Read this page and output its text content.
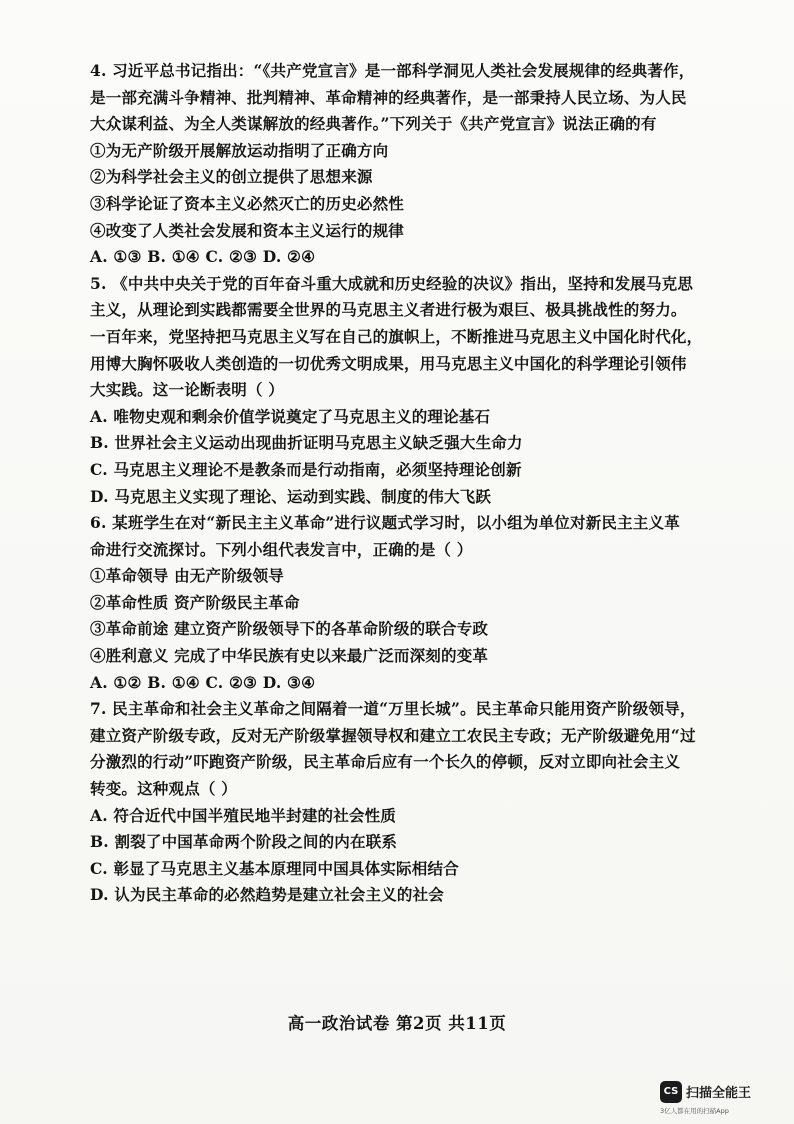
4. 习近平总书记指出：“《共产党宣言》是一部科学洞见人类社会发展规律的经典著作，
是一部充满斗争精神、批判精神、革命精神的经典著作，是一部秉持人民立场、为人民
大众谋利益、为全人类谋解放的经典著作。”下列关于《共产党宣言》说法正确的有
①为无产阶级开展解放运动指明了正确方向
②为科学社会主义的创立提供了思想来源
③科学论证了资本主义必然灭亡的历史必然性
④改变了人类社会发展和资本主义运行的规律
A. ①③ B. ①④ C. ②③ D. ②④
5. 《中共中央关于党的百年奋斗重大成就和历史经验的决议》指出，坚持和发展马克思
主义，从理论到实践都需要全世界的马克思主义者进行极为艰巨、极具挑战性的努力。
一百年来，党坚持把马克思主义写在自己的旗帜上，不断推进马克思主义中国化时代化，
用博大胸怀吸收人类创造的一切优秀文明成果，用马克思主义中国化的科学理论引领伟
大实践。这一论断表明（ ）
A. 唯物史观和剩余价值学说奠定了马克思主义的理论基石
B. 世界社会主义运动出现曲折证明马克思主义缺乏强大生命力
C. 马克思主义理论不是教条而是行动指南，必须坚持理论创新
D. 马克思主义实现了理论、运动到实践、制度的伟大飞跃
6. 某班学生在对“新民主主义革命”进行议题式学习时，以小组为单位对新民主主义革
命进行交流探讨。下列小组代表发言中，正确的是（ ）
①革命领导 由无产阶级领导
②革命性质 资产阶级民主革命
③革命前途 建立资产阶级领导下的各革命阶级的联合专政
④胜利意义 完成了中华民族有史以来最广泛而深刻的变革
A. ①② B. ①④ C. ②③ D. ③④
7. 民主革命和社会主义革命之间隔着一道“万里长城”。民主革命只能用资产阶级领导，
建立资产阶级专政，反对无产阶级掌握领导权和建立工农民主专政；无产阶级避免用“过
分激烈的行动”吓跑资产阶级，民主革命后应有一个长久的停顿，反对立即向社会主义
转变。这种观点（ ）
A. 符合近代中国半殖民地半封建的社会性质
B. 割裂了中国革命两个阶段之间的内在联系
C. 彰显了马克思主义基本原理同中国具体实际相结合
D. 认为民主革命的必然趋势是建立社会主义的社会
高一政治试卷 第2页 共11页
CS 扫描全能王
3亿人都在用的扫描App
